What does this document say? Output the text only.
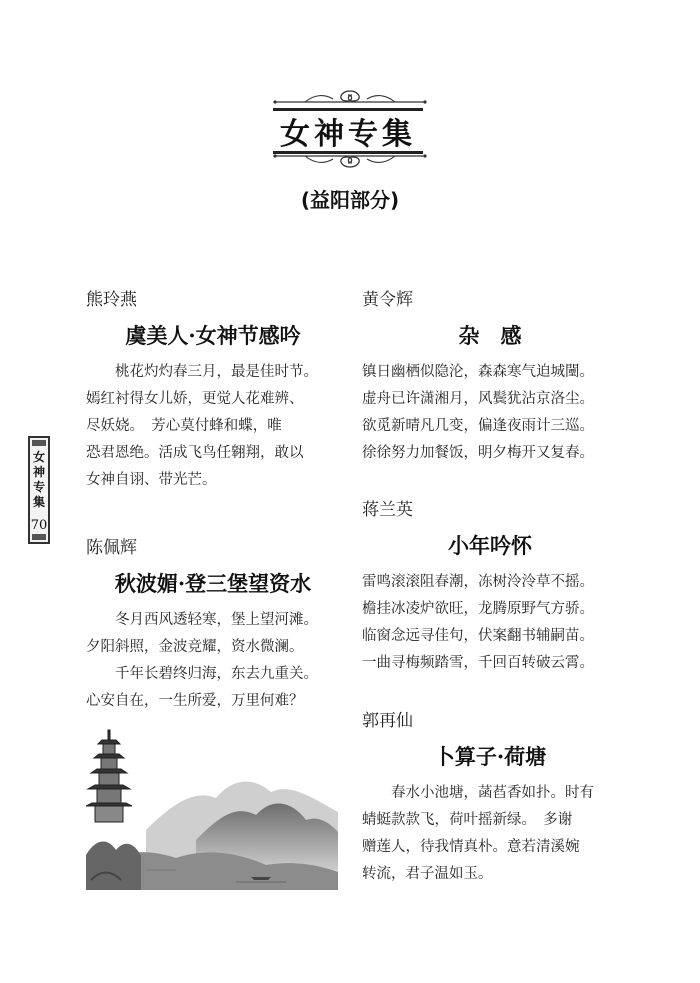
女神专集
(益阳部分)
女神专集
70
熊玲燕
虞美人·女神节感吟
桃花灼灼春三月，最是佳时节。
嫣红衬得女儿娇，更觉人花难辨、
尽妖娆。　芳心莫付蜂和蝶，唯
恐君恩绝。活成飞鸟任翱翔，敢以
女神自诩、带光芒。
陈佩辉
秋波媚·登三堡望资水
冬月西风透轻寒，堡上望河滩。
夕阳斜照，金波竞耀，资水微澜。
千年长碧终归海，东去九重关。
心安自在，一生所爱，万里何难？
黄令辉
杂　感
镇日幽栖似隐沦，森森寒气迫城闉。
虚舟已许潇湘月，风鬓犹沾京洛尘。
欲觅新晴凡几变，偏逢夜雨计三巡。
徐徐努力加餐饭，明夕梅开又复春。
蒋兰英
小年吟怀
雷鸣滚滚阻春潮，冻树泠泠草不摇。
檐挂冰凌炉欲旺，龙腾原野气方骄。
临窗念远寻佳句，伏案翻书辅嗣苗。
一曲寻梅频踏雪，千回百转破云霄。
郭再仙
卜算子·荷塘
春水小池塘，菡萏香如扑。时有
蜻蜓款款飞，荷叶摇新绿。　多谢
赠莲人，待我情真朴。意若清溪婉
转流，君子温如玉。
